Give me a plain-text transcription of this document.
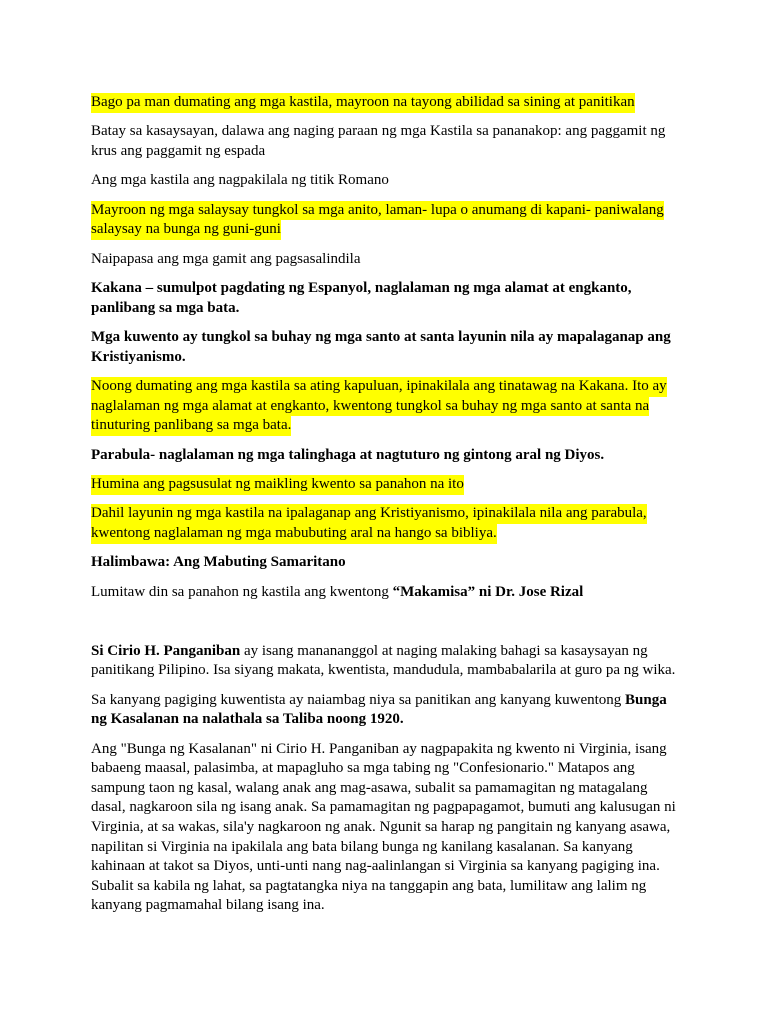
Bago pa man dumating ang mga kastila, mayroon na tayong abilidad sa sining at panitikan
Batay sa kasaysayan, dalawa ang naging paraan ng mga Kastila sa pananakop: ang paggamit ng
krus ang paggamit ng espada
Ang mga kastila ang nagpakilala ng titik Romano
Mayroon ng mga salaysay tungkol sa mga anito, laman- lupa o anumang di kapani- paniwalang
salaysay na bunga ng guni-guni
Naipapasa ang mga gamit ang pagsasalindila
Kakana – sumulpot pagdating ng Espanyol, naglalaman ng mga alamat at engkanto,
panlibang sa mga bata.
Mga kuwento ay tungkol sa buhay ng mga santo at santa layunin nila ay mapalaganap ang
Kristiyanismo.
Noong dumating ang mga kastila sa ating kapuluan, ipinakilala ang tinatawag na Kakana. Ito ay
naglalaman ng mga alamat at engkanto, kwentong tungkol sa buhay ng mga santo at santa na
tinuturing panlibang sa mga bata.
Parabula- naglalaman ng mga talinghaga at nagtuturo ng gintong aral ng Diyos.
Humina ang pagsusulat ng maikling kwento sa panahon na ito
Dahil layunin ng mga kastila na ipalaganap ang Kristiyanismo, ipinakilala nila ang parabula,
kwentong naglalaman ng mga mabubuting aral na hango sa bibliya.
Halimbawa: Ang Mabuting Samaritano
Lumitaw din sa panahon ng kastila ang kwentong “Makamisa” ni Dr. Jose Rizal
Si Cirio H. Panganiban ay isang manananggol at naging malaking bahagi sa kasaysayan ng
panitikang Pilipino. Isa siyang makata, kwentista, mandudula, mambabalarila at guro pa ng wika.
Sa kanyang pagiging kuwentista ay naiambag niya sa panitikan ang kanyang kuwentong Bunga
ng Kasalanan na nalathala sa Taliba noong 1920.
Ang "Bunga ng Kasalanan" ni Cirio H. Panganiban ay nagpapakita ng kwento ni Virginia, isang
babaeng maasal, palasimba, at mapagluho sa mga tabing ng "Confesionario." Matapos ang
sampung taon ng kasal, walang anak ang mag-asawa, subalit sa pamamagitan ng matagalang
dasal, nagkaroon sila ng isang anak. Sa pamamagitan ng pagpapagamot, bumuti ang kalusugan ni
Virginia, at sa wakas, sila'y nagkaroon ng anak. Ngunit sa harap ng pangitain ng kanyang asawa,
napilitan si Virginia na ipakilala ang bata bilang bunga ng kanilang kasalanan. Sa kanyang
kahinaan at takot sa Diyos, unti-unti nang nag-aalinlangan si Virginia sa kanyang pagiging ina.
Subalit sa kabila ng lahat, sa pagtatangka niya na tanggapin ang bata, lumilitaw ang lalim ng
kanyang pagmamahal bilang isang ina.
